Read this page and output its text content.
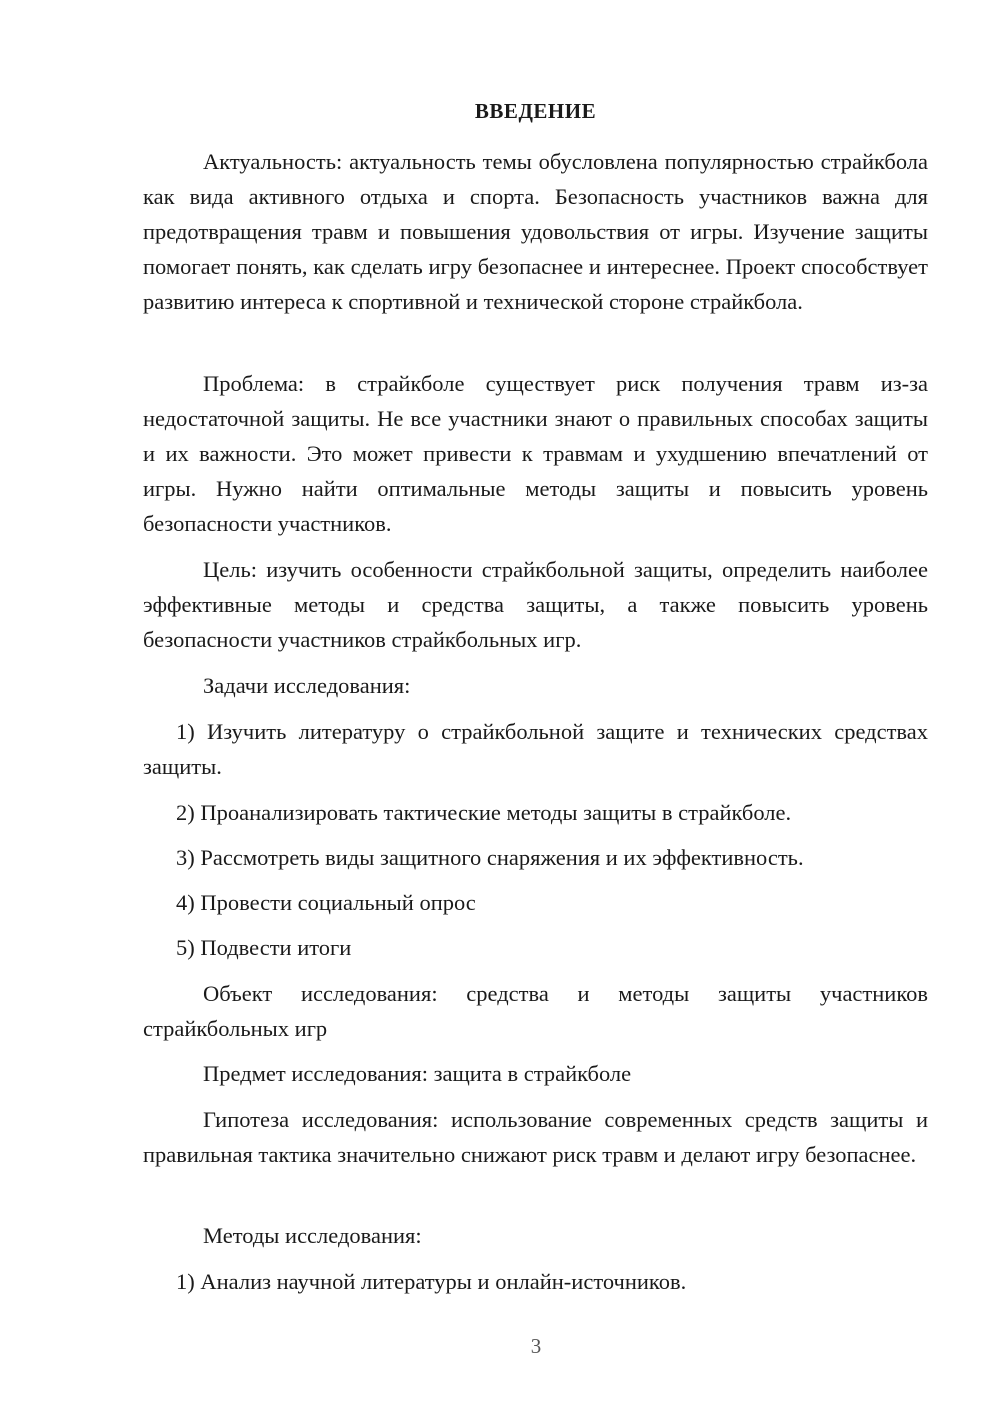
ВВЕДЕНИЕ

Актуальность: актуальность темы обусловлена популярностью страйкбола как вида активного отдыха и спорта. Безопасность участников важна для предотвращения травм и повышения удовольствия от игры. Изучение защиты помогает понять, как сделать игру безопаснее и интереснее. Проект способствует развитию интереса к спортивной и технической стороне страйкбола.

Проблема: в страйкболе существует риск получения травм из-за недостаточной защиты. Не все участники знают о правильных способах защиты и их важности. Это может привести к травмам и ухудшению впечатлений от игры. Нужно найти оптимальные методы защиты и повысить уровень безопасности участников.

Цель: изучить особенности страйкбольной защиты, определить наиболее эффективные методы и средства защиты, а также повысить уровень безопасности участников страйкбольных игр.

Задачи исследования:

1) Изучить литературу о страйкбольной защите и технических средствах защиты.

2) Проанализировать тактические методы защиты в страйкболе.

3) Рассмотреть виды защитного снаряжения и их эффективность.

4) Провести социальный опрос

5) Подвести итоги

Объект исследования: средства и методы защиты участников страйкбольных игр

Предмет исследования: защита в страйкболе

Гипотеза исследования: использование современных средств защиты и правильная тактика значительно снижают риск травм и делают игру безопаснее.

Методы исследования:

1) Анализ научной литературы и онлайн-источников.

3
